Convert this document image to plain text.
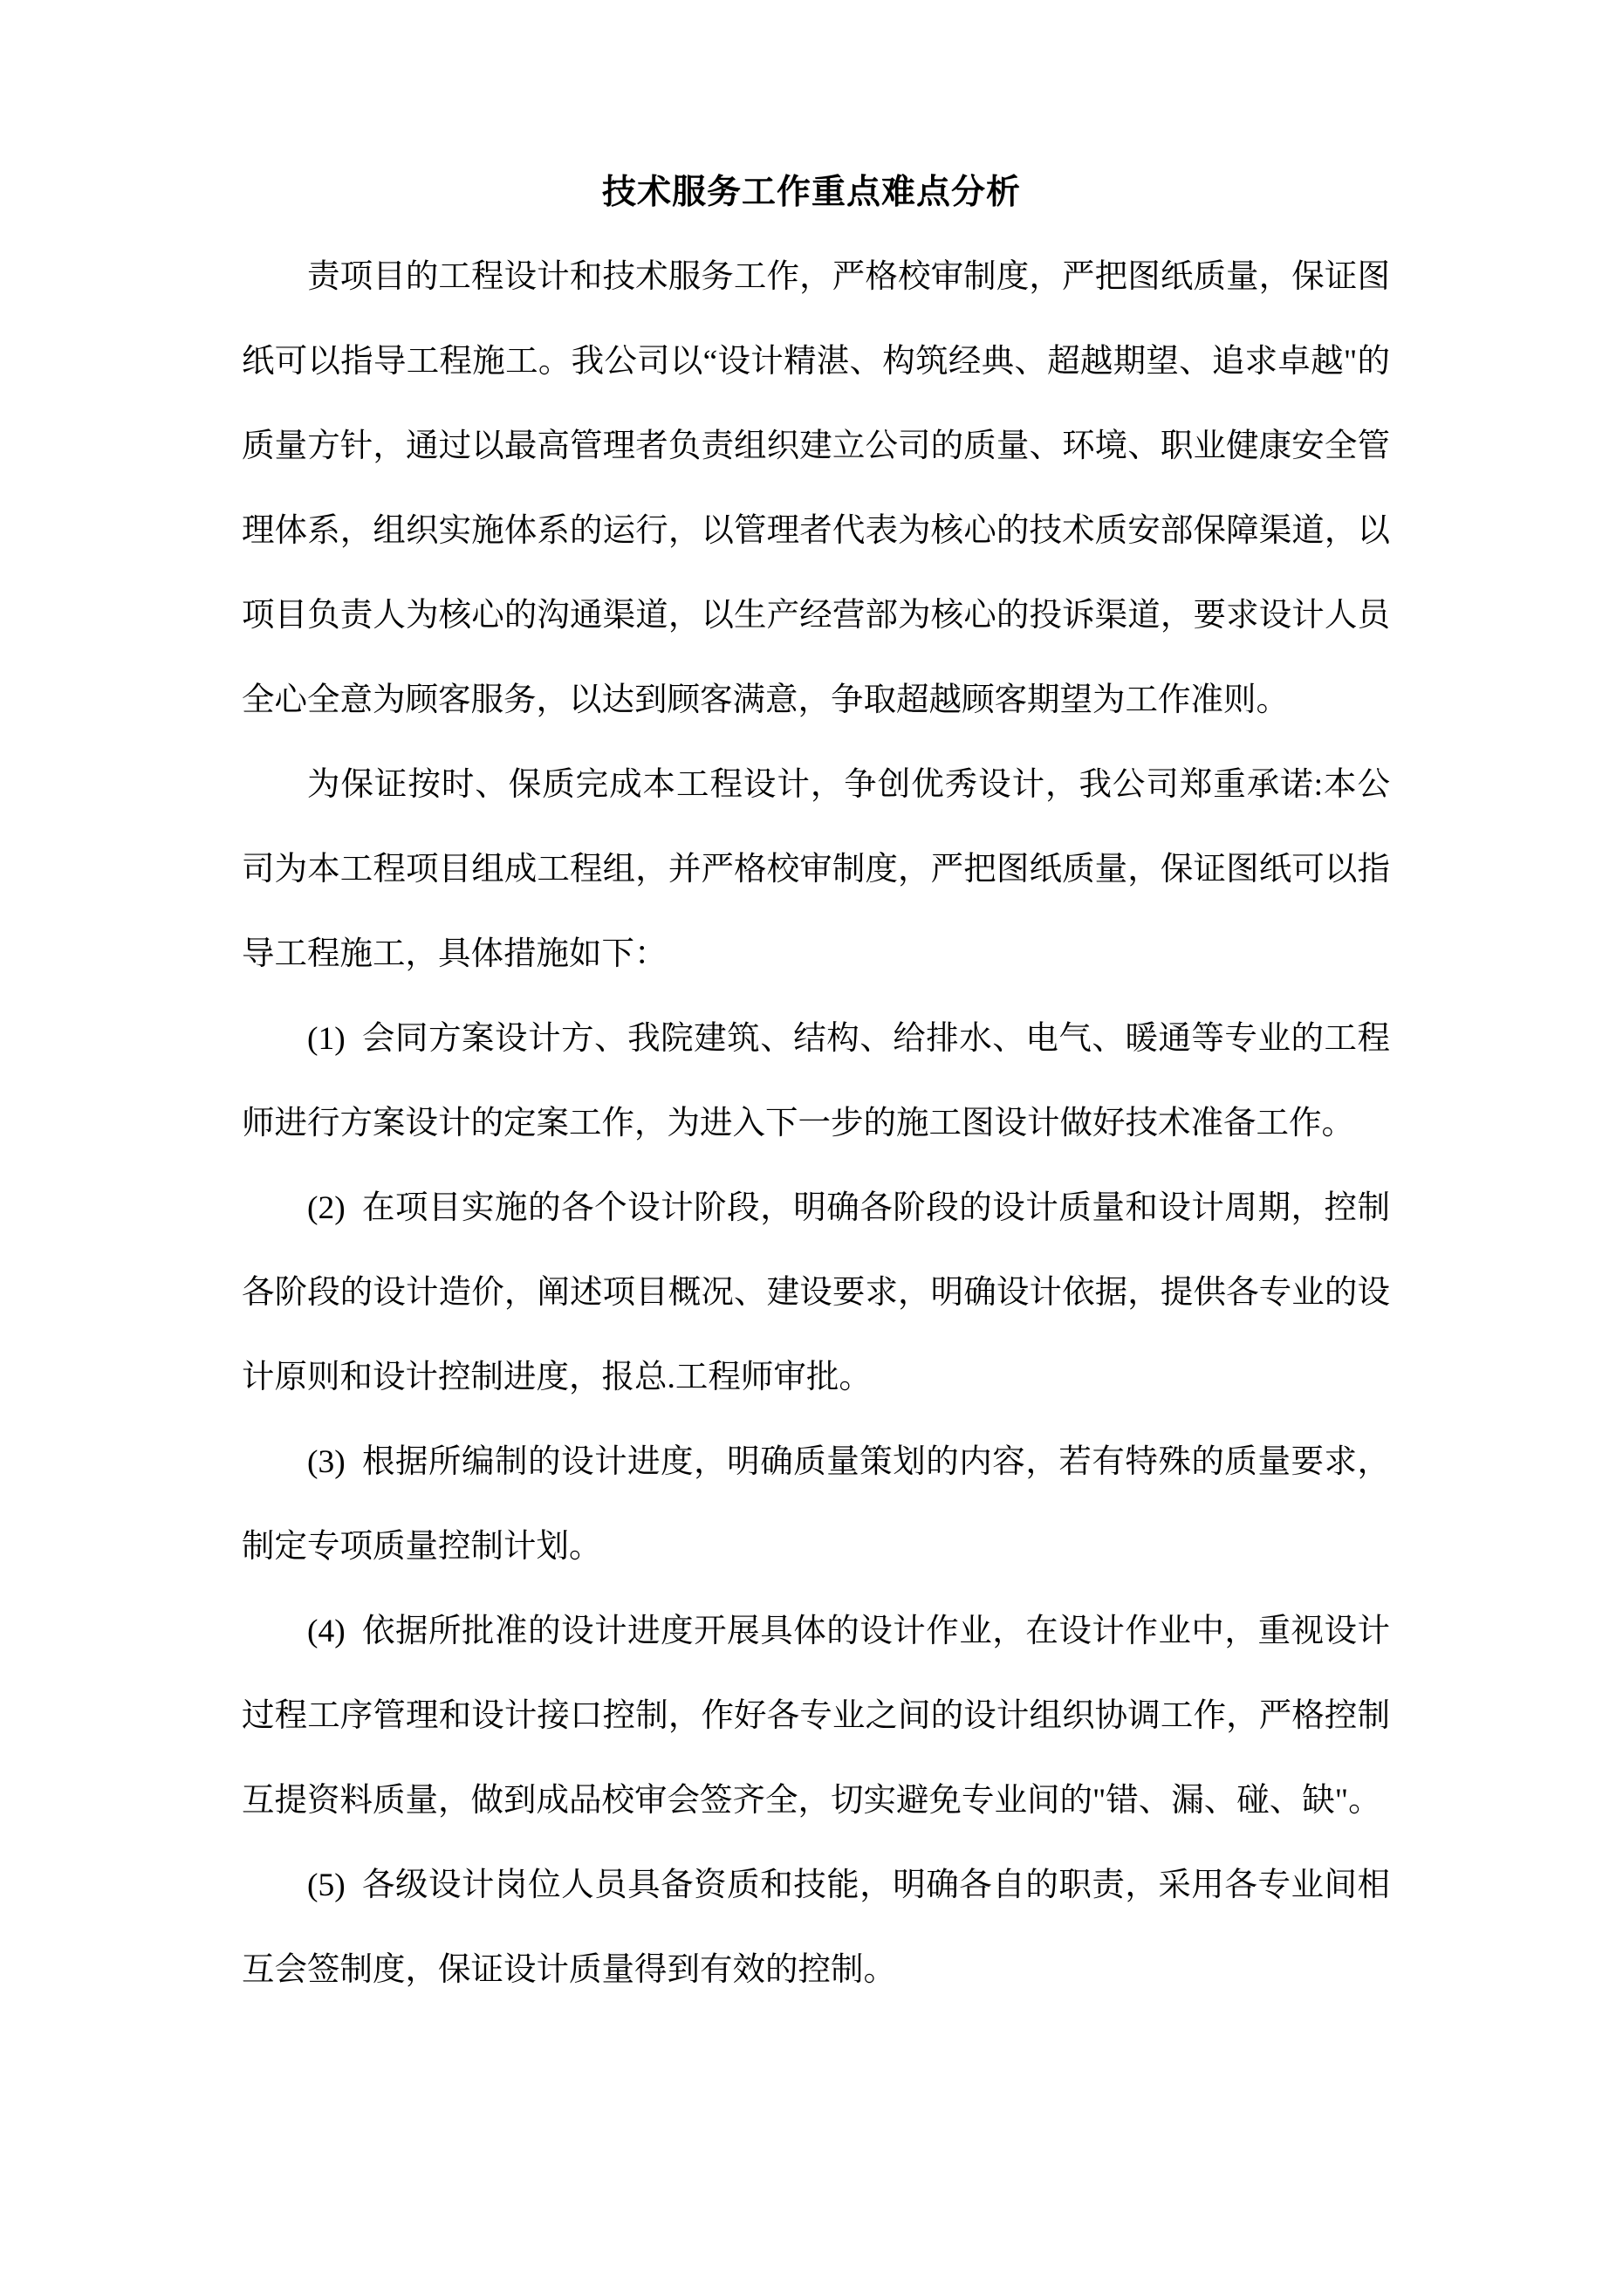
技术服务工作重点难点分析

责项目的工程设计和技术服务工作，严格校审制度，严把图纸质量，保证图纸可以指导工程施工。我公司以“设计精湛、构筑经典、超越期望、追求卓越"的质量方针，通过以最高管理者负责组织建立公司的质量、环境、职业健康安全管理体系，组织实施体系的运行，以管理者代表为核心的技术质安部保障渠道，以项目负责人为核心的沟通渠道，以生产经营部为核心的投诉渠道，要求设计人员全心全意为顾客服务，以达到顾客满意，争取超越顾客期望为工作准则。

为保证按时、保质完成本工程设计，争创优秀设计，我公司郑重承诺:本公司为本工程项目组成工程组，并严格校审制度，严把图纸质量，保证图纸可以指导工程施工，具体措施如下：

(1) 会同方案设计方、我院建筑、结构、给排水、电气、暖通等专业的工程师进行方案设计的定案工作，为进入下一步的施工图设计做好技术准备工作。

(2) 在项目实施的各个设计阶段，明确各阶段的设计质量和设计周期，控制各阶段的设计造价，阐述项目概况、建设要求，明确设计依据，提供各专业的设计原则和设计控制进度，报总.工程师审批。

(3) 根据所编制的设计进度，明确质量策划的内容，若有特殊的质量要求，制定专项质量控制计划。

(4) 依据所批准的设计进度开展具体的设计作业，在设计作业中，重视设计过程工序管理和设计接口控制，作好各专业之间的设计组织协调工作，严格控制互提资料质量，做到成品校审会签齐全，切实避免专业间的"错、漏、碰、缺"。

(5) 各级设计岗位人员具备资质和技能，明确各自的职责，采用各专业间相互会签制度，保证设计质量得到有效的控制。
